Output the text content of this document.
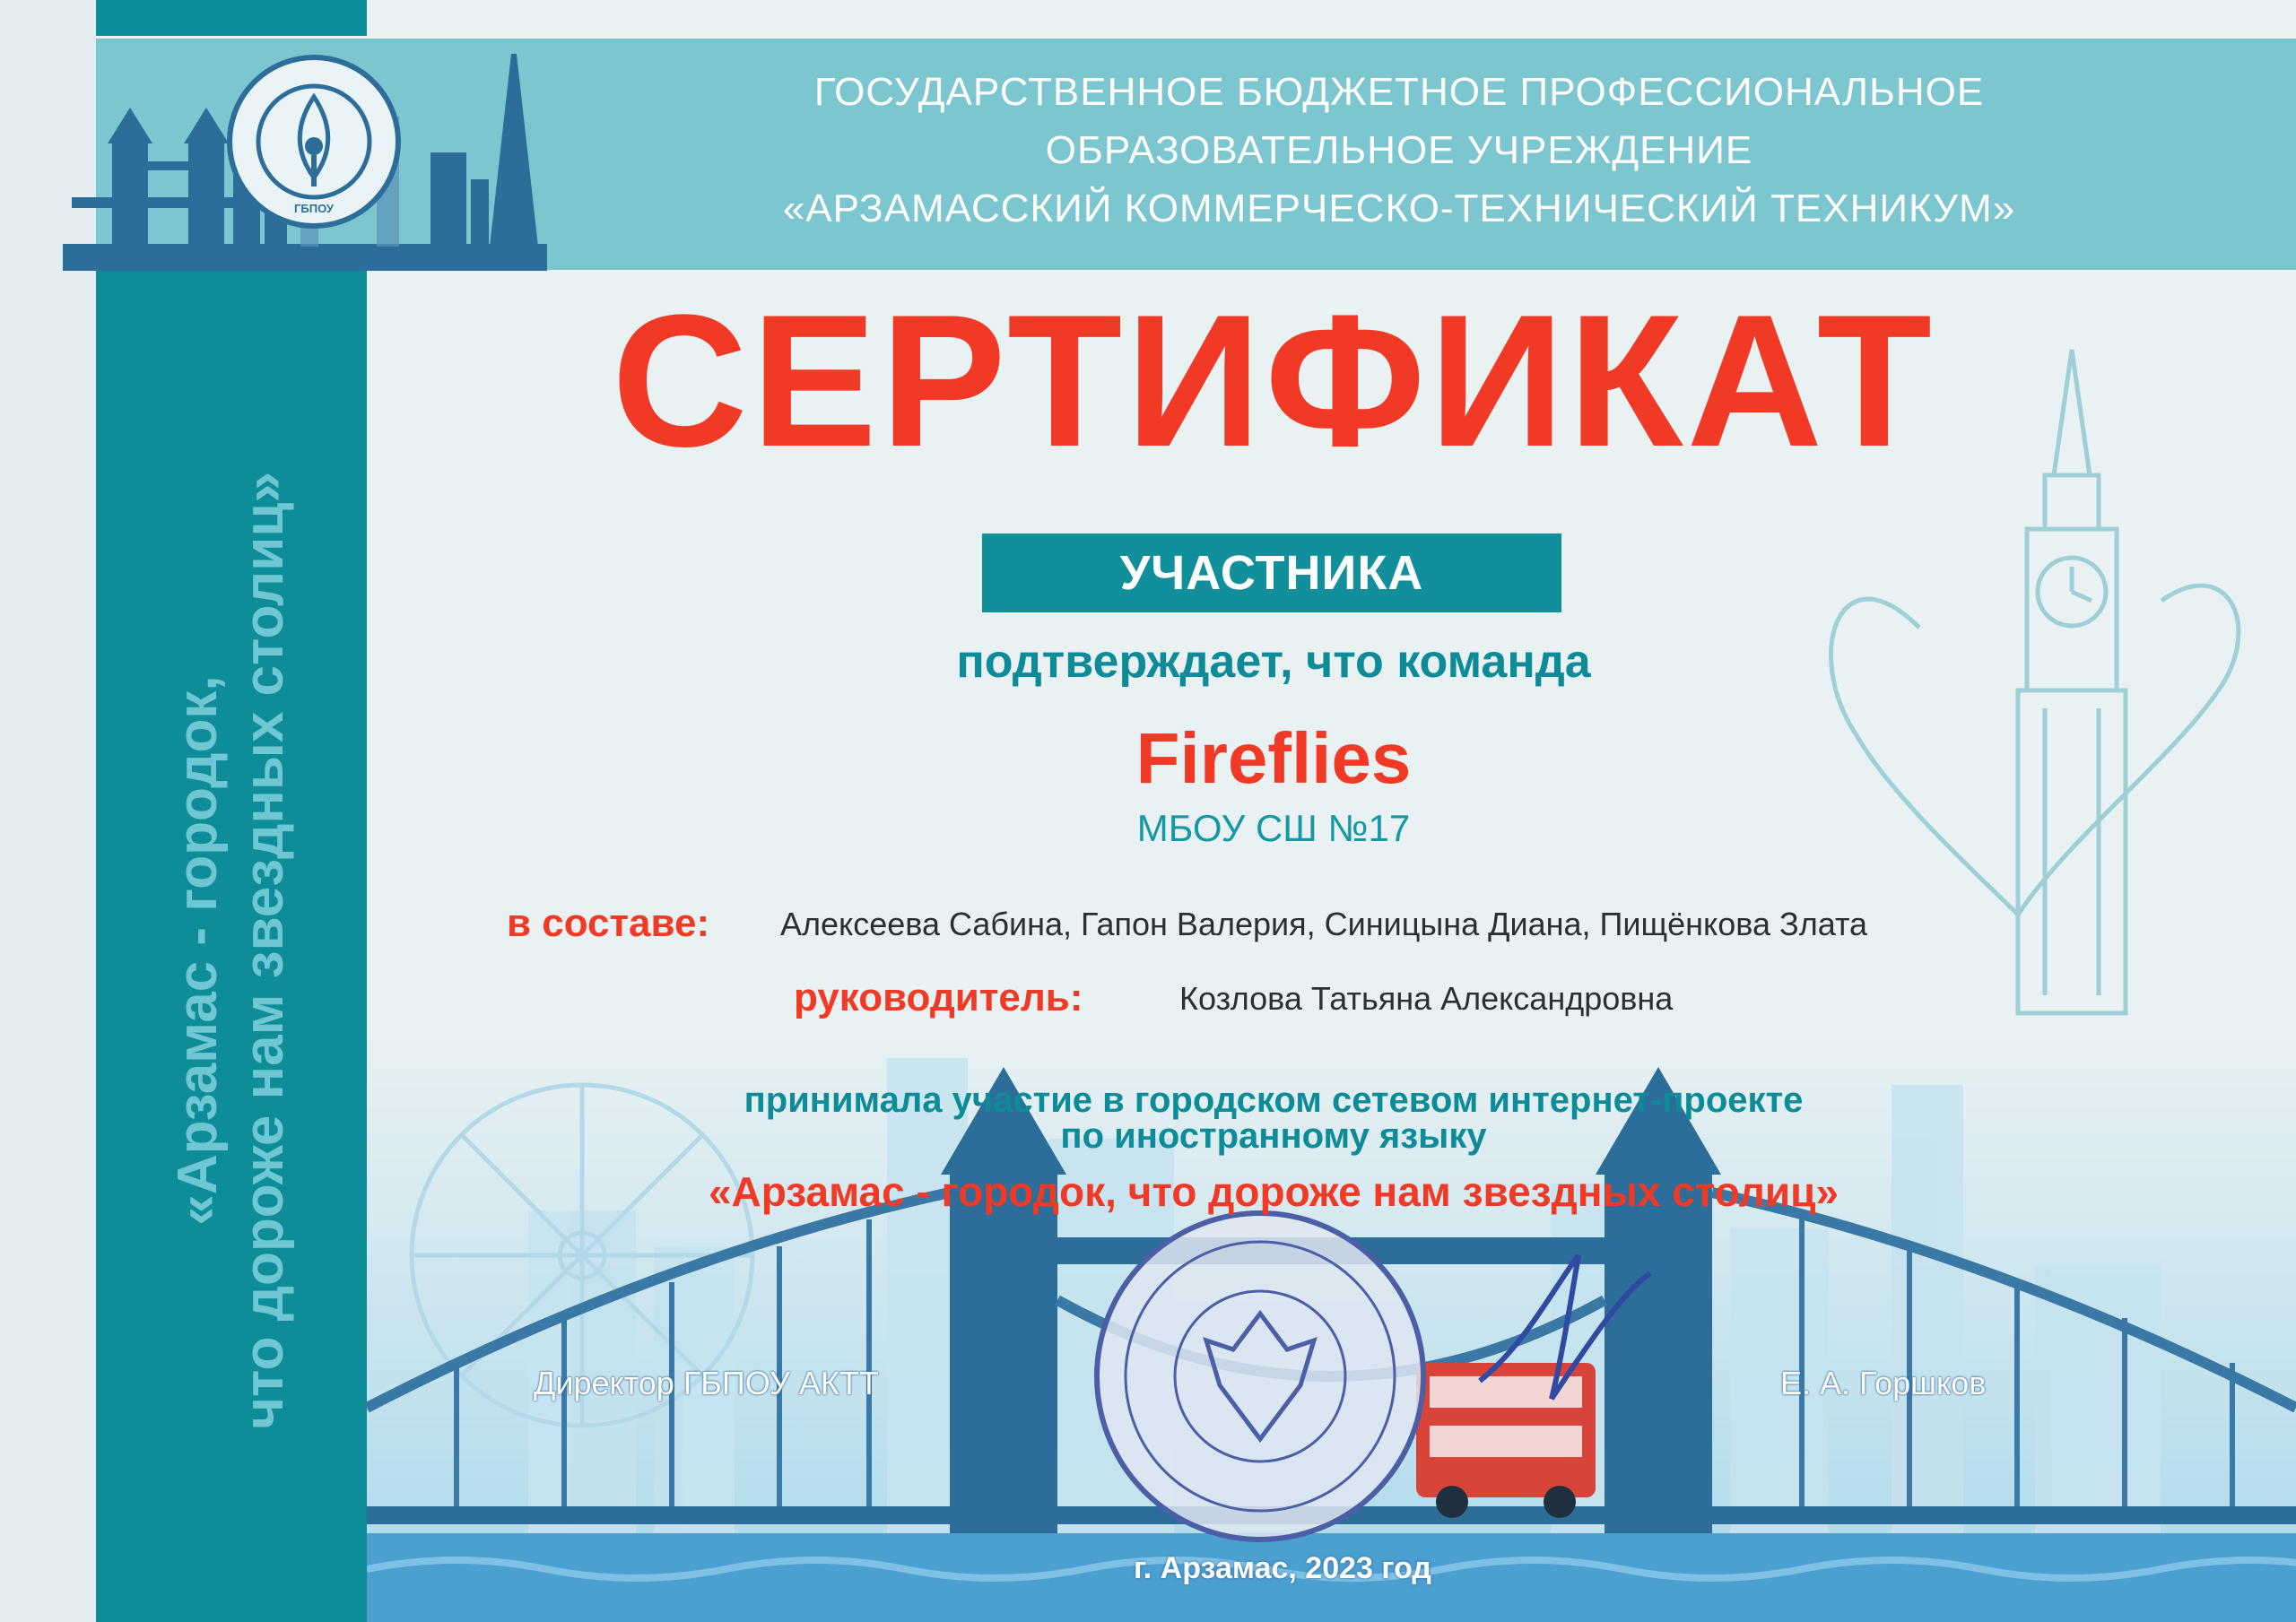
ГБПОУ
ГОСУДАРСТВЕННОЕ БЮДЖЕТНОЕ ПРОФЕССИОНАЛЬНОЕ
ОБРАЗОВАТЕЛЬНОЕ УЧРЕЖДЕНИЕ
«АРЗАМАССКИЙ КОММЕРЧЕСКО-ТЕХНИЧЕСКИЙ ТЕХНИКУМ»
«Арзамас - городок, что дороже нам звездных столиц»
СЕРТИФИКАТ
УЧАСТНИКА
подтверждает, что команда
Fireflies
МБОУ СШ №17
в составе: Алексеева Сабина, Гапон Валерия, Синицына Диана, Пищёнкова Злата
руководитель:	Козлова Татьяна Александровна
принимала участие в городском сетевом интернет-проекте
по иностранному языку
«Арзамас - городок, что дороже нам звездных столиц»
Директор ГБПОУ АКТТ	Е. А. Горшков
г. Арзамас, 2023 год
